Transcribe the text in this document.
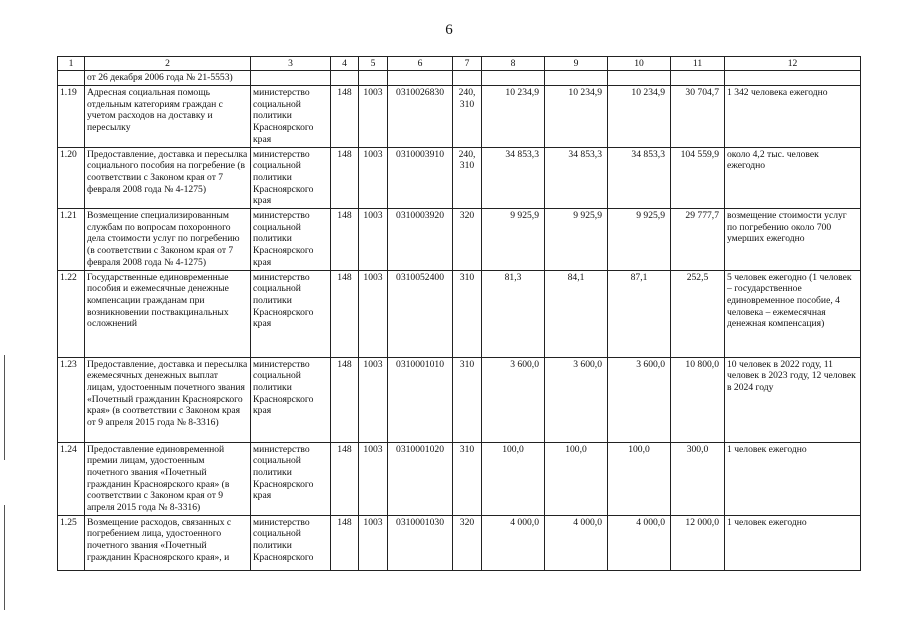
6
1	2	3	4	5	6	7	8	9	10	11	12
	от 26 декабря 2006 года № 21-5553)										
1.19	Адресная социальная помощь отдельным категориям граждан с учетом расходов на доставку и пересылку	министерство социальной политики Красноярского края	148	1003	0310026830	240, 310	10 234,9	10 234,9	10 234,9	30 704,7	1 342 человека ежегодно
1.20	Предоставление, доставка и пересылка социального пособия на погребение (в соответствии с Законом края от 7 февраля 2008 года № 4-1275)	министерство социальной политики Красноярского края	148	1003	0310003910	240, 310	34 853,3	34 853,3	34 853,3	104 559,9	около 4,2 тыс. человек ежегодно
1.21	Возмещение специализированным службам по вопросам похоронного дела стоимости услуг по погребению (в соответствии с Законом края от 7 февраля 2008 года № 4-1275)	министерство социальной политики Красноярского края	148	1003	0310003920	320	9 925,9	9 925,9	9 925,9	29 777,7	возмещение стоимости услуг по погребению около 700 умерших ежегодно
1.22	Государственные единовременные пособия и ежемесячные денежные компенсации гражданам при возникновении поствакцинальных осложнений	министерство социальной политики Красноярского края	148	1003	0310052400	310	81,3	84,1	87,1	252,5	5 человек ежегодно (1 человек – государственное единовременное пособие, 4 человека – ежемесячная денежная компенсация)
1.23	Предоставление, доставка и пересылка ежемесячных денежных выплат лицам, удостоенным почетного звания «Почетный гражданин Красноярского края» (в соответствии с Законом края от 9 апреля 2015 года № 8-3316)	министерство социальной политики Красноярского края	148	1003	0310001010	310	3 600,0	3 600,0	3 600,0	10 800,0	10 человек в 2022 году, 11 человек в 2023 году, 12 человек в 2024 году
1.24	Предоставление единовременной премии лицам, удостоенным почетного звания «Почетный гражданин Красноярского края» (в соответствии с Законом края от 9 апреля 2015 года № 8-3316)	министерство социальной политики Красноярского края	148	1003	0310001020	310	100,0	100,0	100,0	300,0	1 человек ежегодно
1.25	Возмещение расходов, связанных с погребением лица, удостоенного почетного звания «Почетный гражданин Красноярского края», и	министерство социальной политики Красноярского	148	1003	0310001030	320	4 000,0	4 000,0	4 000,0	12 000,0	1 человек ежегодно
